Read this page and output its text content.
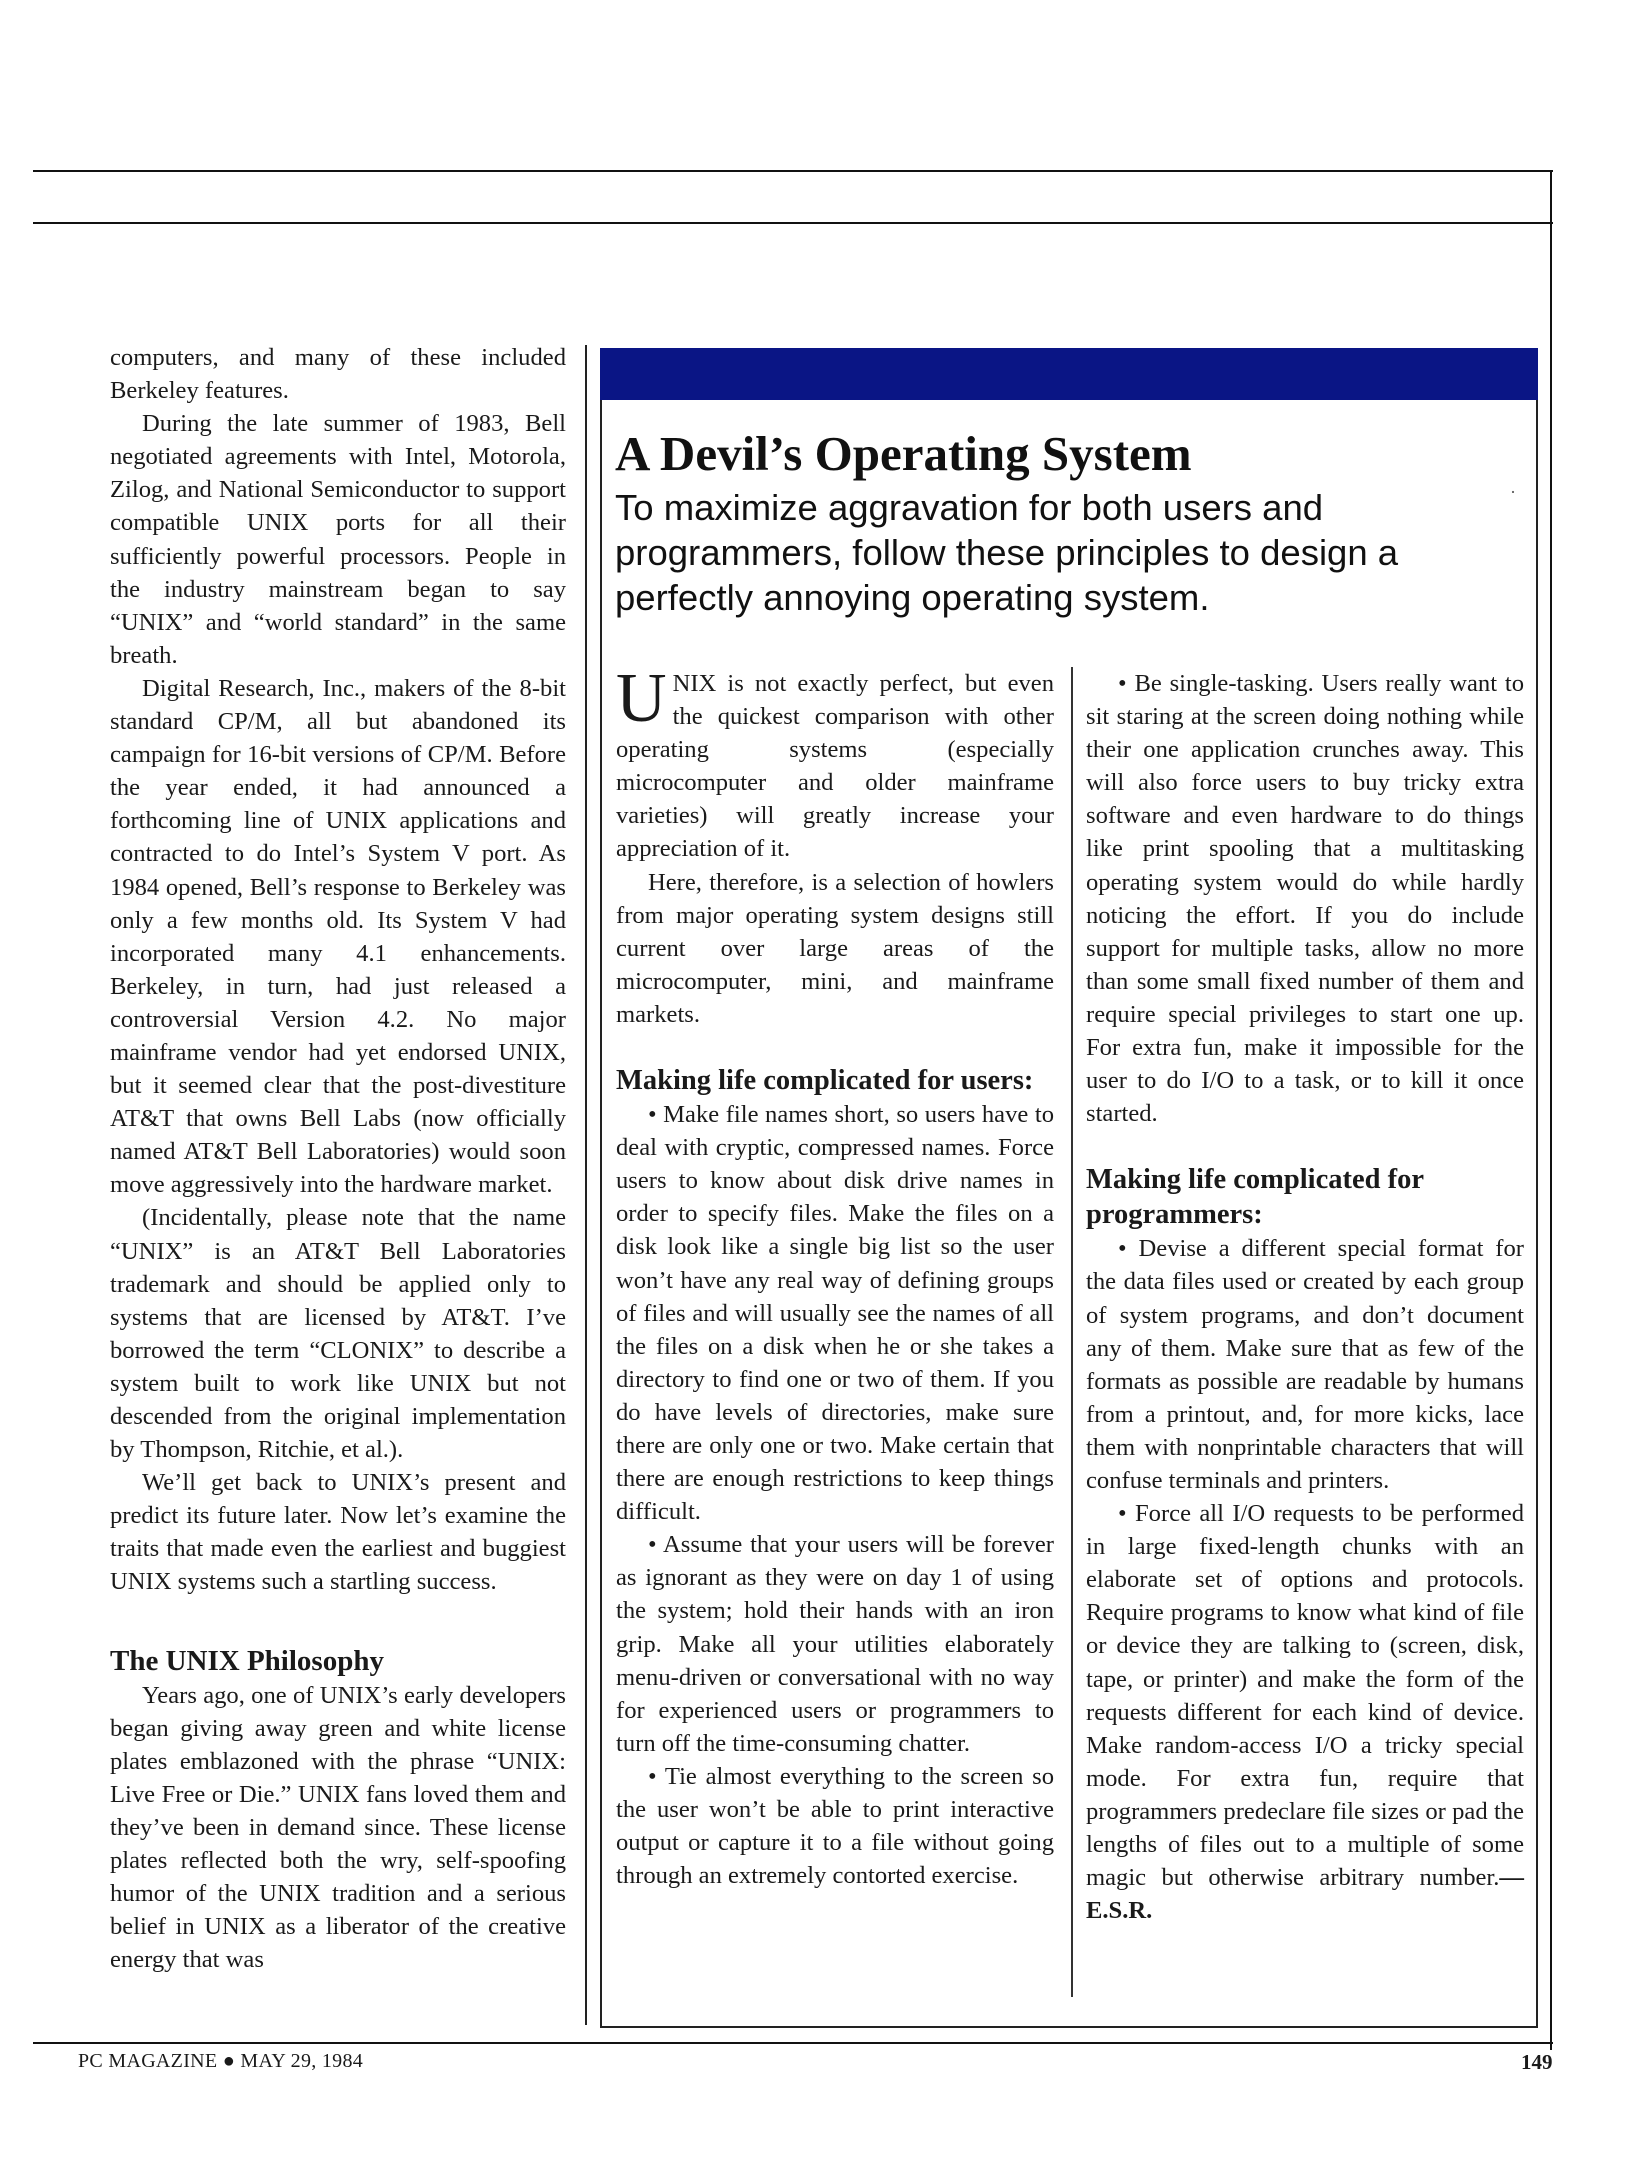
computers, and many of these included Berkeley features.

During the late summer of 1983, Bell negotiated agreements with Intel, Motorola, Zilog, and National Semiconductor to support compatible UNIX ports for all their sufficiently powerful processors. People in the industry mainstream began to say “UNIX” and “world standard” in the same breath.

Digital Research, Inc., makers of the 8-bit standard CP/M, all but abandoned its campaign for 16-bit versions of CP/M. Before the year ended, it had announced a forthcoming line of UNIX applications and contracted to do Intel’s System V port. As 1984 opened, Bell’s response to Berkeley was only a few months old. Its System V had incorporated many 4.1 enhancements. Berkeley, in turn, had just released a controversial Version 4.2. No major mainframe vendor had yet endorsed UNIX, but it seemed clear that the post-divestiture AT&T that owns Bell Labs (now officially named AT&T Bell Laboratories) would soon move aggressively into the hardware market.

(Incidentally, please note that the name “UNIX” is an AT&T Bell Laboratories trademark and should be applied only to systems that are licensed by AT&T. I’ve borrowed the term “CLONIX” to describe a system built to work like UNIX but not descended from the original implementation by Thompson, Ritchie, et al.).

We’ll get back to UNIX’s present and predict its future later. Now let’s examine the traits that made even the earliest and buggiest UNIX systems such a startling success.

The UNIX Philosophy

Years ago, one of UNIX’s early developers began giving away green and white license plates emblazoned with the phrase “UNIX: Live Free or Die.” UNIX fans loved them and they’ve been in demand since. These license plates reflected both the wry, self-spoofing humor of the UNIX tradition and a serious belief in UNIX as a liberator of the creative energy that was

A Devil’s Operating System
To maximize aggravation for both users and programmers, follow these principles to design a perfectly annoying operating system.
·

UNIX is not exactly perfect, but even the quickest comparison with other operating systems (especially microcomputer and older mainframe varieties) will greatly increase your appreciation of it.

Here, therefore, is a selection of howlers from major operating system designs still current over large areas of the microcomputer, mini, and mainframe markets.

Making life complicated for users:

• Make file names short, so users have to deal with cryptic, compressed names. Force users to know about disk drive names in order to specify files. Make the files on a disk look like a single big list so the user won’t have any real way of defining groups of files and will usually see the names of all the files on a disk when he or she takes a directory to find one or two of them. If you do have levels of directories, make sure there are only one or two. Make certain that there are enough restrictions to keep things difficult.

• Assume that your users will be forever as ignorant as they were on day 1 of using the system; hold their hands with an iron grip. Make all your utilities elaborately menu-driven or conversational with no way for experienced users or programmers to turn off the time-consuming chatter.

• Tie almost everything to the screen so the user won’t be able to print interactive output or capture it to a file without going through an extremely contorted exercise.

• Be single-tasking. Users really want to sit staring at the screen doing nothing while their one application crunches away. This will also force users to buy tricky extra software and even hardware to do things like print spooling that a multitasking operating system would do while hardly noticing the effort. If you do include support for multiple tasks, allow no more than some small fixed number of them and require special privileges to start one up. For extra fun, make it impossible for the user to do I/O to a task, or to kill it once started.

Making life complicated for programmers:

• Devise a different special format for the data files used or created by each group of system programs, and don’t document any of them. Make sure that as few of the formats as possible are readable by humans from a printout, and, for more kicks, lace them with nonprintable characters that will confuse terminals and printers.

• Force all I/O requests to be performed in large fixed-length chunks with an elaborate set of options and protocols. Require programs to know what kind of file or device they are talking to (screen, disk, tape, or printer) and make the form of the requests different for each kind of device. Make random-access I/O a tricky special mode. For extra fun, require that programmers predeclare file sizes or pad the lengths of files out to a multiple of some magic but otherwise arbitrary number.—E.S.R.

PC MAGAZINE ● MAY 29, 1984	149
